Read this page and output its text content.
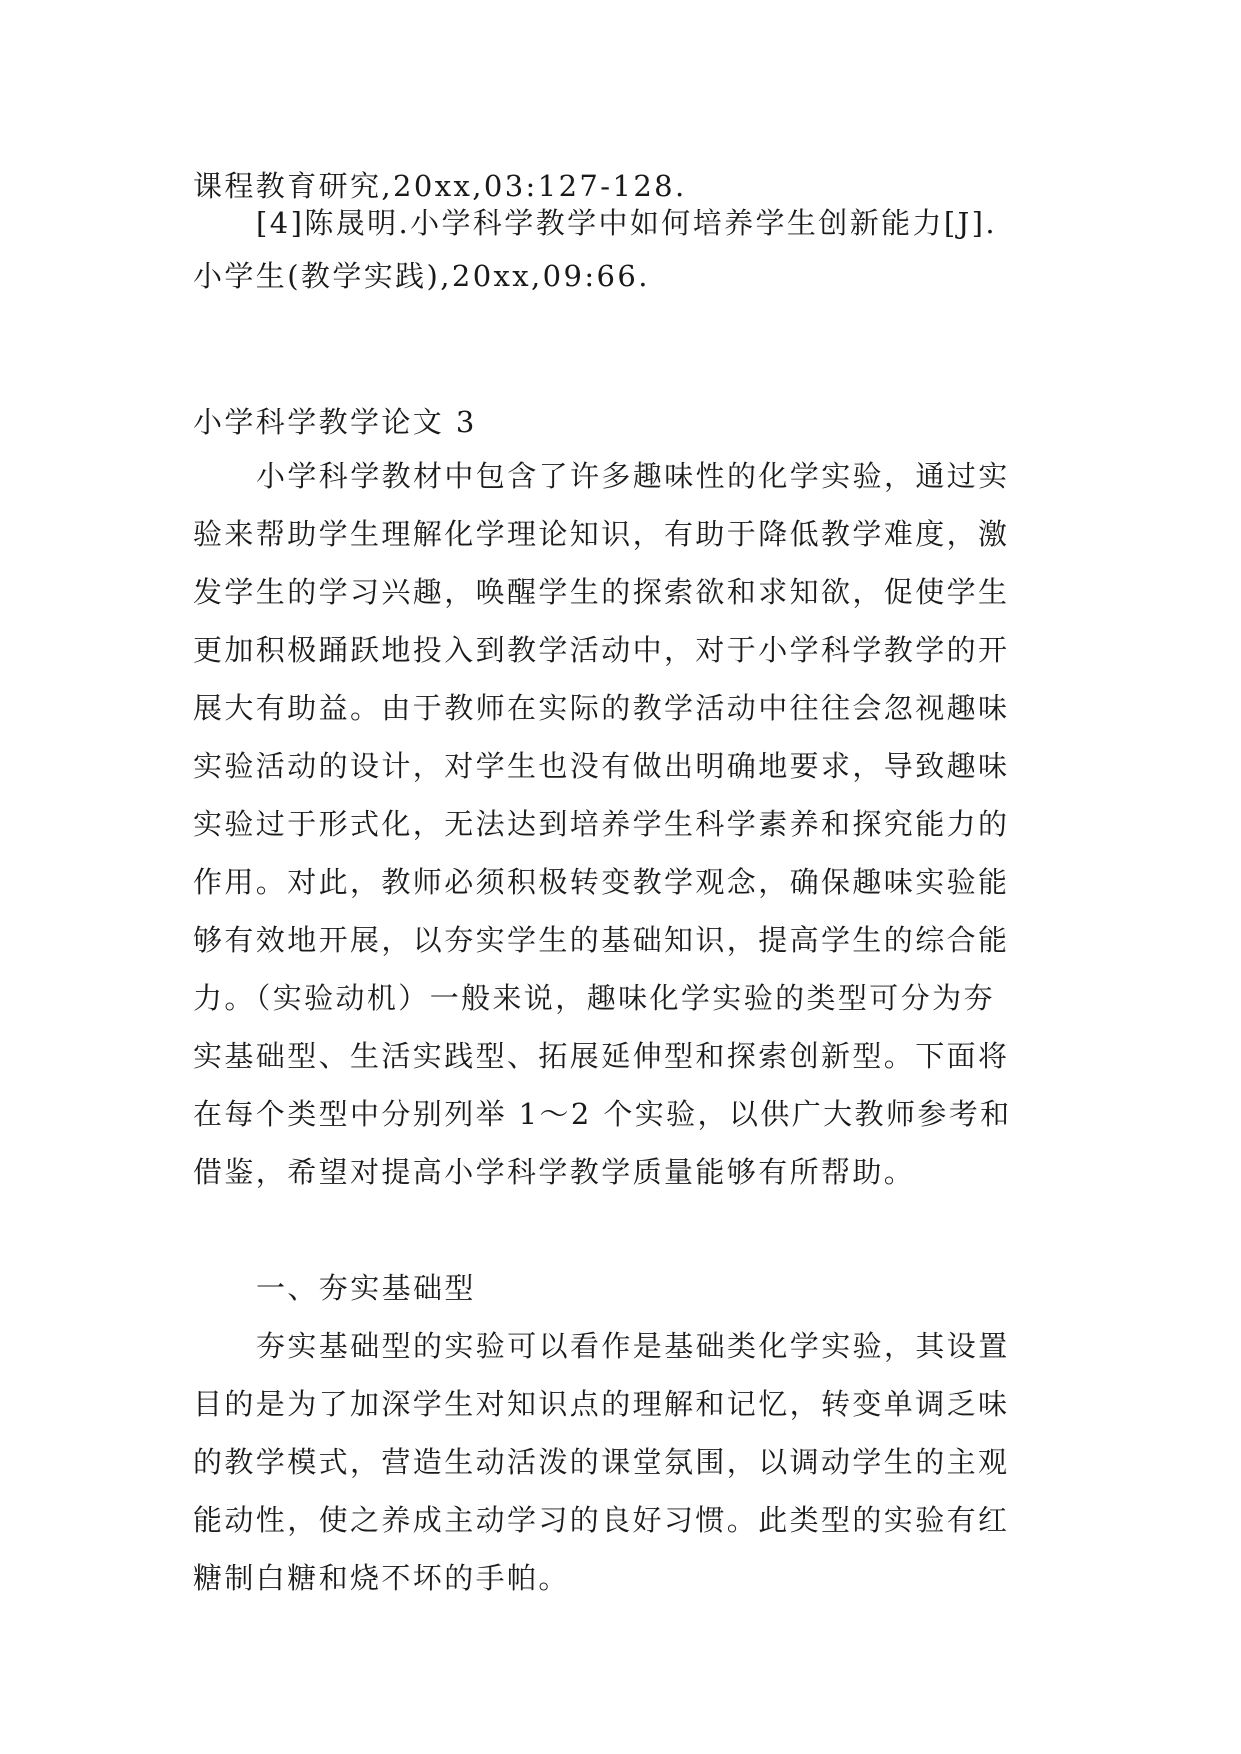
课程教育研究,20xx,03:127-128.
[4]陈晟明.小学科学教学中如何培养学生创新能力[J].
小学生(教学实践),20xx,09:66.
小学科学教学论文 3
小学科学教材中包含了许多趣味性的化学实验，通过实
验来帮助学生理解化学理论知识，有助于降低教学难度，激
发学生的学习兴趣，唤醒学生的探索欲和求知欲，促使学生
更加积极踊跃地投入到教学活动中，对于小学科学教学的开
展大有助益。由于教师在实际的教学活动中往往会忽视趣味
实验活动的设计，对学生也没有做出明确地要求，导致趣味
实验过于形式化，无法达到培养学生科学素养和探究能力的
作用。对此，教师必须积极转变教学观念，确保趣味实验能
够有效地开展，以夯实学生的基础知识，提高学生的综合能
力。（实验动机）一般来说，趣味化学实验的类型可分为夯
实基础型、生活实践型、拓展延伸型和探索创新型。下面将
在每个类型中分别列举 1～2 个实验，以供广大教师参考和
借鉴，希望对提高小学科学教学质量能够有所帮助。
一、夯实基础型
夯实基础型的实验可以看作是基础类化学实验，其设置
目的是为了加深学生对知识点的理解和记忆，转变单调乏味
的教学模式，营造生动活泼的课堂氛围，以调动学生的主观
能动性，使之养成主动学习的良好习惯。此类型的实验有红
糖制白糖和烧不坏的手帕。
